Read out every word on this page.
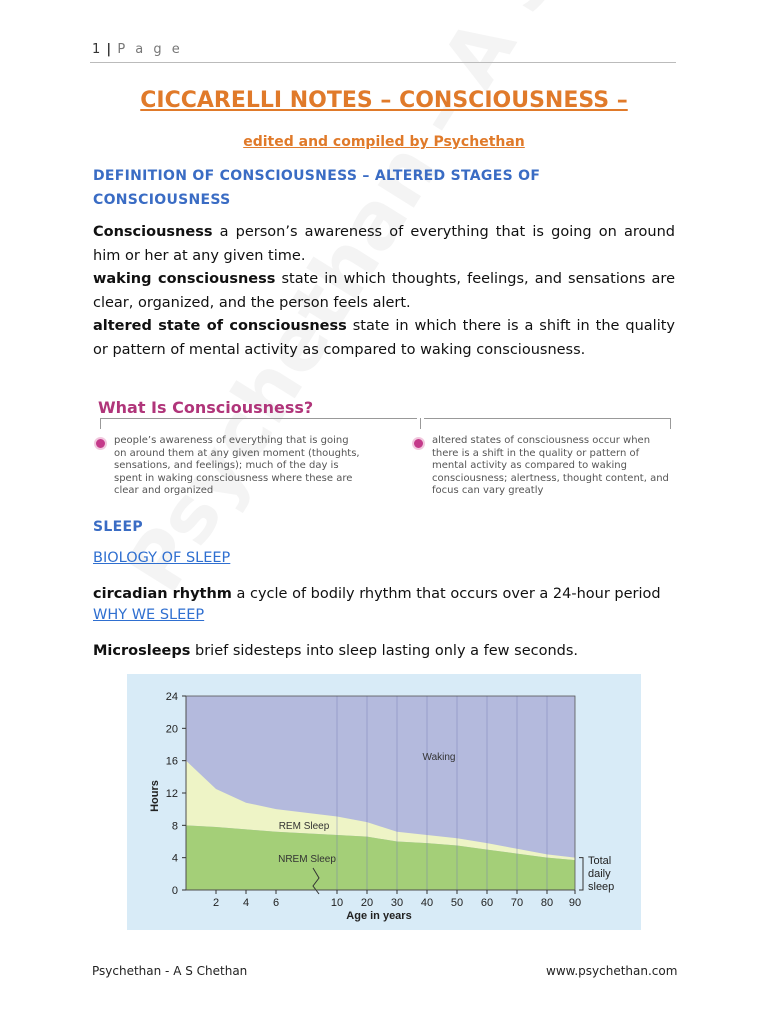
1 | P a g e
CICCARELLI NOTES – CONSCIOUSNESS –
edited and compiled by Psychethan
DEFINITION OF CONSCIOUSNESS – ALTERED STAGES OF
CONSCIOUSNESS
Consciousness a person’s awareness of everything that is going on around him or her at any given time.
waking consciousness state in which thoughts, feelings, and sensations are clear, organized, and the person feels alert.
altered state of consciousness state in which there is a shift in the quality or pattern of mental activity as compared to waking consciousness.
What Is Consciousness?
people’s awareness of everything that is going on around them at any given moment (thoughts, sensations, and feelings); much of the day is spent in waking consciousness where these are clear and organized
altered states of consciousness occur when there is a shift in the quality or pattern of mental activity as compared to waking consciousness; alertness, thought content, and focus can vary greatly
SLEEP
BIOLOGY OF SLEEP
circadian rhythm a cycle of bodily rhythm that occurs over a 24-hour period
WHY WE SLEEP
Microsleeps brief sidesteps into sleep lasting only a few seconds.
0
4
8
12
16
20
24
2 4 6	10 20 30 40 50 60 70 80 90
Age in years
Hours
Waking
REM Sleep
NREM Sleep	Total
daily
sleep
Psychethan - A S Chethan	www.psychethan.com
